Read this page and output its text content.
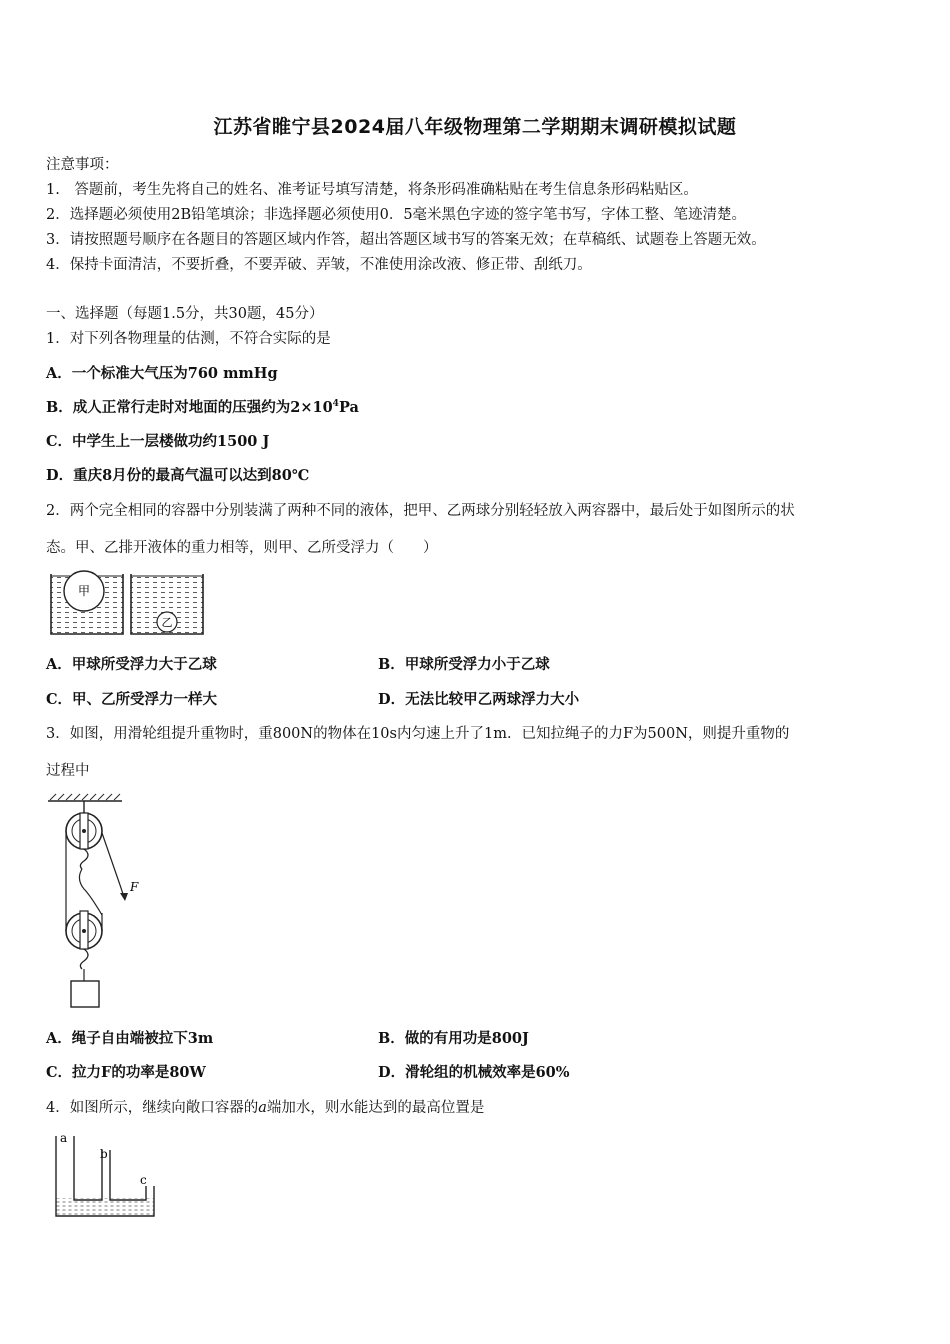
江苏省睢宁县2024届八年级物理第二学期期末调研模拟试题
注意事项：
1.　答题前，考生先将自己的姓名、准考证号填写清楚，将条形码准确粘贴在考生信息条形码粘贴区。
2．选择题必须使用2B铅笔填涂；非选择题必须使用0．5毫米黑色字迹的签字笔书写，字体工整、笔迹清楚。
3．请按照题号顺序在各题目的答题区域内作答，超出答题区域书写的答案无效；在草稿纸、试题卷上答题无效。
4．保持卡面清洁，不要折叠，不要弄破、弄皱，不准使用涂改液、修正带、刮纸刀。
一、选择题（每题1.5分，共30题，45分）
1．对下列各物理量的估测，不符合实际的是
A．一个标准大气压为760 mmHg
B．成人正常行走时对地面的压强约为$2\times 10^4Pa$
C．中学生上一层楼做功约1500 J
D．重庆8月份的最高气温可以达到80℃
2．两个完全相同的容器中分别装满了两种不同的液体，把甲、乙两球分别轻轻放入两容器中，最后处于如图所示的状
态。甲、乙排开液体的重力相等，则甲、乙所受浮力（　　）
甲
乙
A．甲球所受浮力大于乙球	B．甲球所受浮力小于乙球
C．甲、乙所受浮力一样大	D．无法比较甲乙两球浮力大小
3．如图，用滑轮组提升重物时，重800N的物体在10s内匀速上升了1m．已知拉绳子的力F为500N，则提升重物的
过程中
F
A．绳子自由端被拉下3m	B．做的有用功是800J
C．拉力F的功率是80W	D．滑轮组的机械效率是60%
4．如图所示，继续向敞口容器的a端加水，则水能达到的最高位置是
a
b
c
